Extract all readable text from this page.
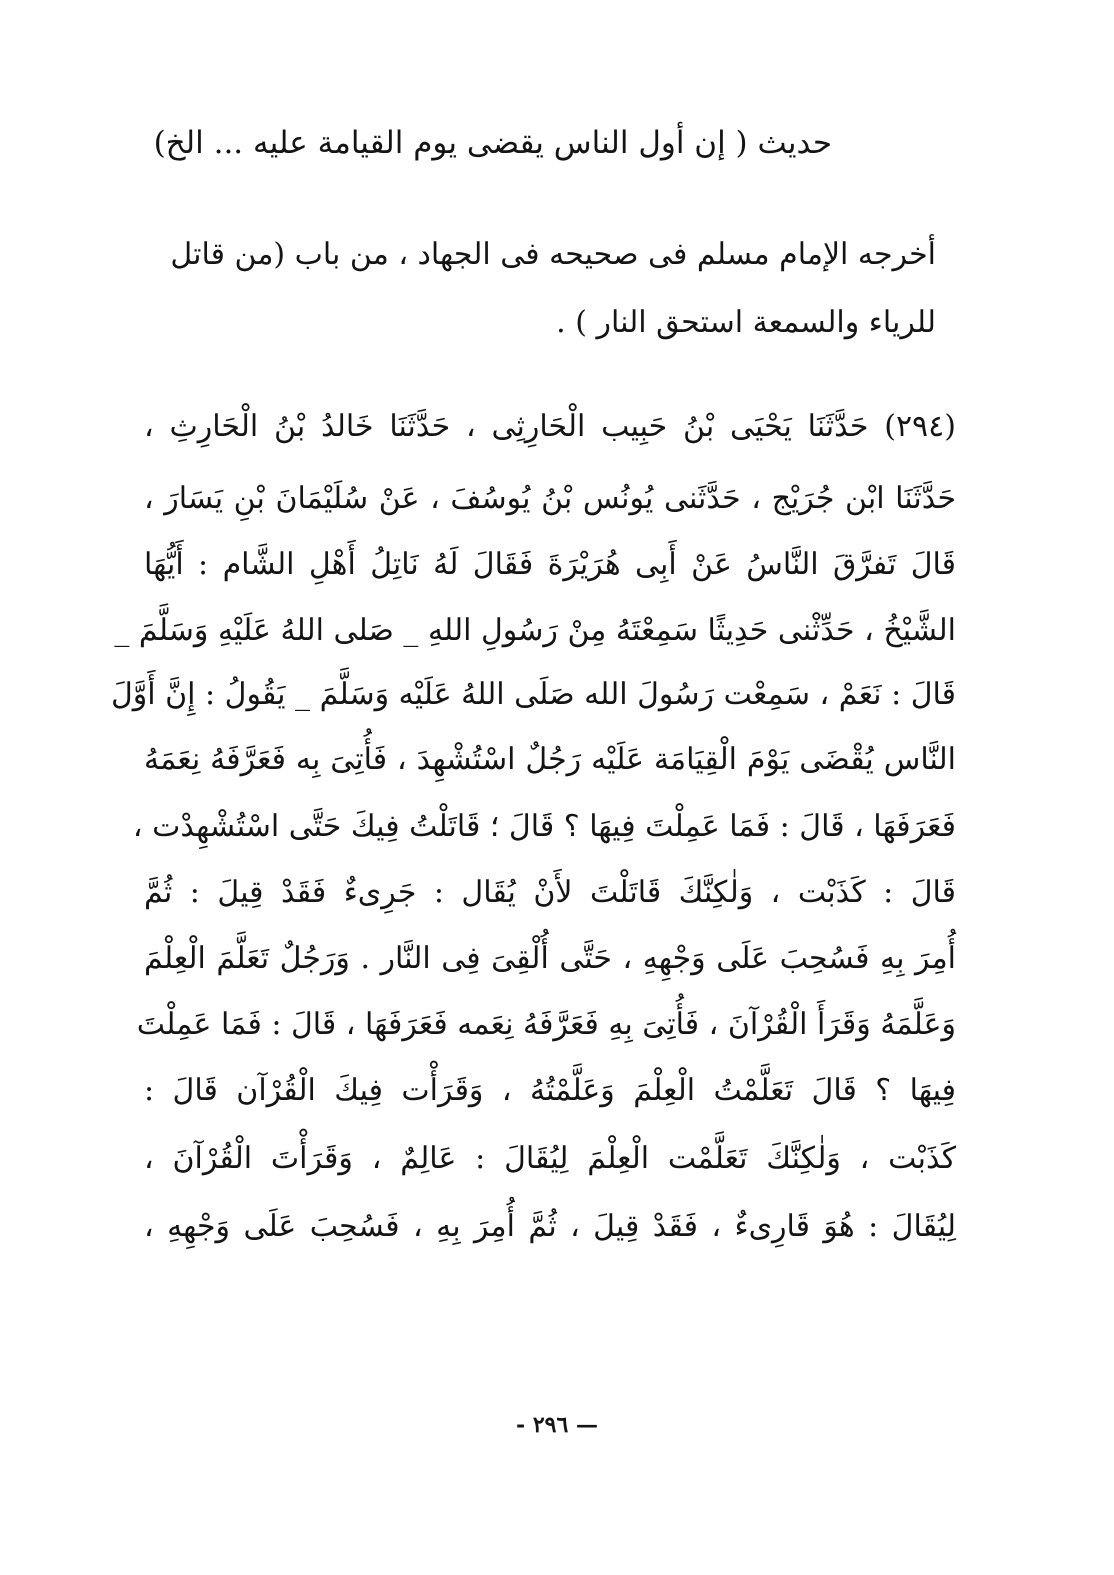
حديث ( إن أول الناس يقضى يوم القيامة عليه ... الخ)
أخرجه الإمام مسلم فى صحيحه فى الجهاد ، من باب (من قاتل
للرياء والسمعة استحق النار ) .
(٢٩٤) حَدَّثَنَا يَحْيَى بْنُ حَبِيب الْحَارِثِى ، حَدَّثَنَا خَالدُ بْنُ الْحَارِثِ ،
حَدَّثَنَا ابْن جُرَيْج ، حَدَّثَنى يُونُس بْنُ يُوسُفَ ، عَنْ سُلَيْمَانَ بْنِ يَسَارَ ،
قَالَ تَفرَّقَ النَّاسُ عَنْ أَبِى هُرَيْرَةَ فَقَالَ لَهُ نَاتِلُ أَهْلِ الشَّام : أَيُّهَا
الشَّيْخُ ، حَدِّثْنى حَدِيثًا سَمِعْتَهُ مِنْ رَسُولِ اللهِ _ صَلى اللهُ عَلَيْهِ وَسَلَّمَ _
قَالَ : نَعَمْ ، سَمِعْت رَسُولَ الله صَلَى اللهُ عَلَيْه وَسَلَّمَ _ يَقُولُ : إِنَّ أَوَّلَ
النَّاس يُقْضَى يَوْمَ الْقِيَامَة عَلَيْه رَجُلٌ اسْتُشْهِدَ ، فَأُتِىَ بِه فَعَرَّفَهُ نِعَمَهُ
فَعَرَفَهَا ، قَالَ : فَمَا عَمِلْتَ فِيهَا ؟ قَالَ ؛ قَاتَلْتُ فِيكَ حَتَّى اسْتُشْهِدْت ،
قَالَ : كَذَبْت ، وَلٰكِنَّكَ قَاتَلْتَ لأَنْ يُقَال : جَرِىءٌ فَقَدْ قِيلَ : ثُمَّ
أُمِرَ بِهِ فَسُحِبَ عَلَى وَجْهِهِ ، حَتَّى أُلْقِىَ فِى النَّار . وَرَجُلٌ تَعَلَّمَ الْعِلْمَ
وَعَلَّمَهُ وَقَرَأَ الْقُرْآنَ ، فَأُتِىَ بِهِ فَعَرَّفَهُ نِعَمه فَعَرَفَهَا ، قَالَ : فَمَا عَمِلْتَ
فِيهَا ؟ قَالَ تَعَلَّمْتُ الْعِلْمَ وَعَلَّمْتُهُ ، وَقَرَأْت فِيكَ الْقُرْآن قَالَ :
كَذَبْت ، وَلٰكِنَّكَ تَعَلَّمْت الْعِلْمَ لِيُقَالَ : عَالِمٌ ، وَقَرَأْتَ الْقُرْآنَ ،
لِيُقَالَ : هُوَ قَارِىءٌ ، فَقَدْ قِيلَ ، ثُمَّ أُمِرَ بِهِ ، فَسُحِبَ عَلَى وَجْهِهِ ،
— ٢٩٦ -
